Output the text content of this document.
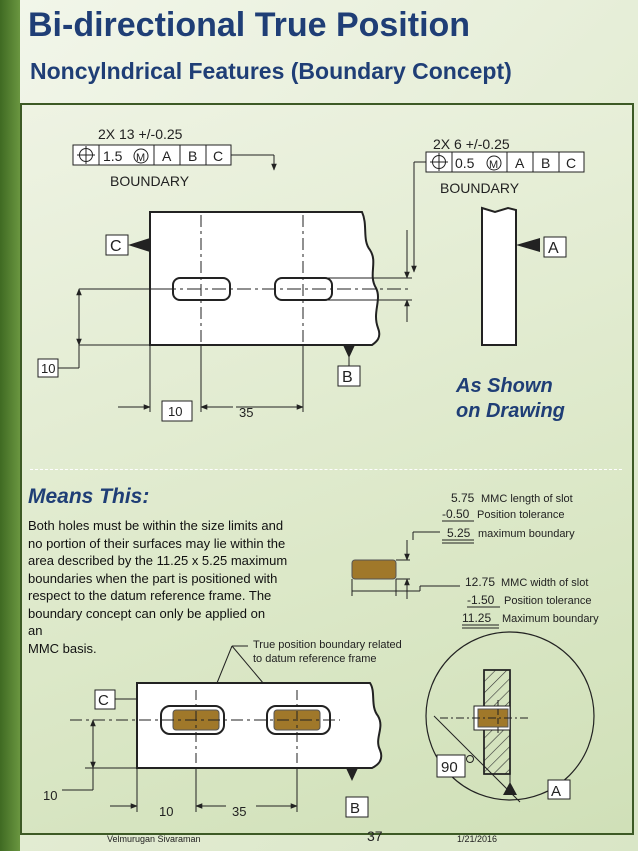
Bi-directional True Position
Noncylndrical Features (Boundary Concept)
2X 13 +/-0.25
1.5 M A B C
BOUNDARY
2X 6 +/-0.25
0.5 M A B C
BOUNDARY
C
10
B
10	35
A
5.75 MMC length of slot
-0.50 Position tolerance
5.25 maximum boundary
12.75 MMC width of slot
-1.50 Position tolerance
11.25 Maximum boundary
True position boundary related
to datum reference frame
C
10
B
10	35
A
90
Velmurugan Sivaraman	37	1/21/2016
As Shown
on Drawing
Means This:
Both holes must be within the size limits and
no portion of their surfaces may lie within the
area described by the 11.25 x 5.25 maximum
boundaries when the part is positioned with
respect to the datum reference frame. The
boundary concept can only be applied on
an
MMC basis.
